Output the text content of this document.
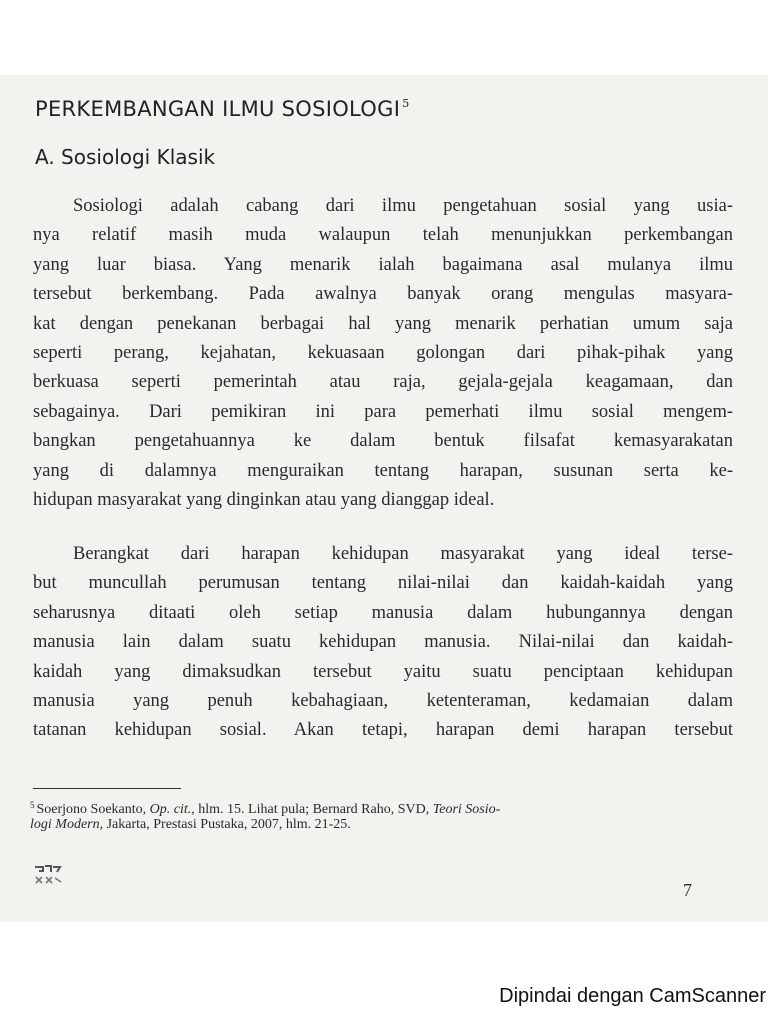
PERKEMBANGAN ILMU SOSIOLOGI $^5$
A. Sosiologi Klasik
Sosiologi adalah cabang dari ilmu pengetahuan sosial yang usia-
nya relatif masih muda walaupun telah menunjukkan perkembangan
yang luar biasa. Yang menarik ialah bagaimana asal mulanya ilmu
tersebut berkembang. Pada awalnya banyak orang mengulas masyara-
kat dengan penekanan berbagai hal yang menarik perhatian umum saja
seperti perang, kejahatan, kekuasaan golongan dari pihak-pihak yang
berkuasa seperti pemerintah atau raja, gejala-gejala keagamaan, dan
sebagainya. Dari pemikiran ini para pemerhati ilmu sosial mengem-
bangkan pengetahuannya ke dalam bentuk filsafat kemasyarakatan
yang di dalamnya menguraikan tentang harapan, susunan serta ke-
hidupan masyarakat yang dinginkan atau yang dianggap ideal.
Berangkat dari harapan kehidupan masyarakat yang ideal terse-
but muncullah perumusan tentang nilai-nilai dan kaidah-kaidah yang
seharusnya ditaati oleh setiap manusia dalam hubungannya dengan
manusia lain dalam suatu kehidupan manusia. Nilai-nilai dan kaidah-
kaidah yang dimaksudkan tersebut yaitu suatu penciptaan kehidupan
manusia yang penuh kebahagiaan, ketenteraman, kedamaian dalam
tatanan kehidupan sosial. Akan tetapi, harapan demi harapan tersebut
$^5$ Soerjono Soekanto, Op. cit., hlm. 15. Lihat pula; Bernard Raho, SVD, Teori Sosio-
logi Modern, Jakarta, Prestasi Pustaka, 2007, hlm. 21-25.
7
Dipindai dengan CamScanner
